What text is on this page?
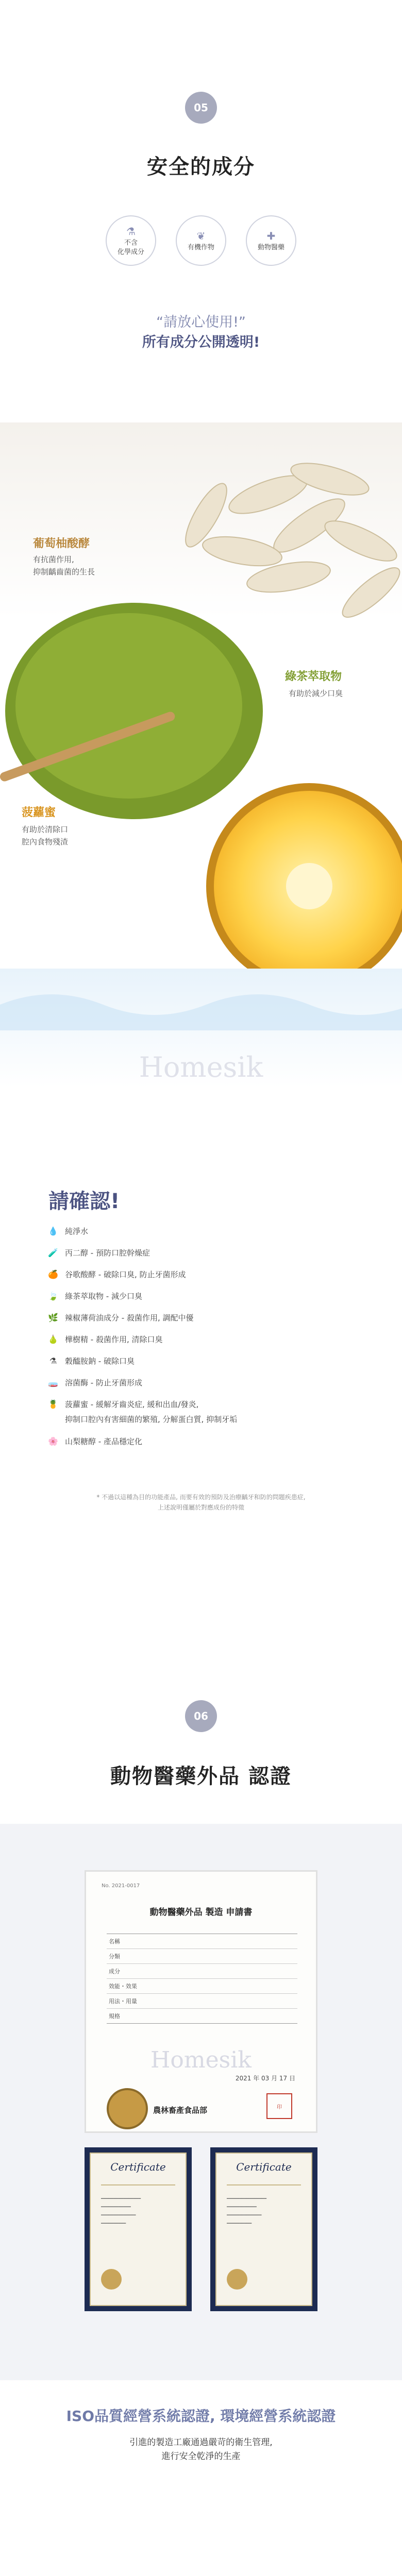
05
安全的成分
⚗
不含
化學成分
❦
有機作物
✚
動物醫藥
“請放心使用!”
所有成分公開透明!
葡萄柚酸酵
有抗菌作用,
抑制齲齒菌的生長
綠茶萃取物
有助於減少口臭
菠蘿蜜
有助於清除口
腔內食物殘渣
Homesik
請確認!
💧 純淨水
🧪 丙二醇 - 預防口腔幹燥症
🍊 谷歌酸酵 - 破除口臭, 防止牙菌形成
🍃 綠茶萃取物 - 減少口臭
🌿 辣椒薄荷油成分 - 殺菌作用, 調配中優
🍐 樺樹精 - 殺菌作用, 清除口臭
⚗ 穀醯胺鈉 - 破除口臭
🧫 溶菌酶 - 防止牙菌形成
🍍 菠蘿蜜 - 緩解牙齒炎症, 緩和出血/發炎,
抑制口腔內有害細菌的繁殖, 分解蛋白質, 抑制牙垢
🌸 山梨糖醇 - 產品穩定化
* 不過以這種為目的功能產品, 而要有效的預防及治療齲牙和防的問題疾患症,
上述說明僅屬於對應成份的特徵
06
動物醫藥外品 認證
No. 2021-0017
動物醫藥外品 製造 申請書
名稱
分類
成分
效能・效果
用法・用量
規格
Homesik
2021 年 03 月 17 日
農林畜產食品部	印
Certificate
━━━━━━━━━━━━━━━━
━━━━━━━━━━━━
━━━━━━━━━━━━━━
━━━━━━━━━━
Certificate
━━━━━━━━━━━━━━━━
━━━━━━━━━━━━
━━━━━━━━━━━━━━
━━━━━━━━━━
ISO品質經營系統認證, 環境經營系統認證
引進的製造工廠通過嚴苛的衛生管理,
進行安全乾淨的生產
